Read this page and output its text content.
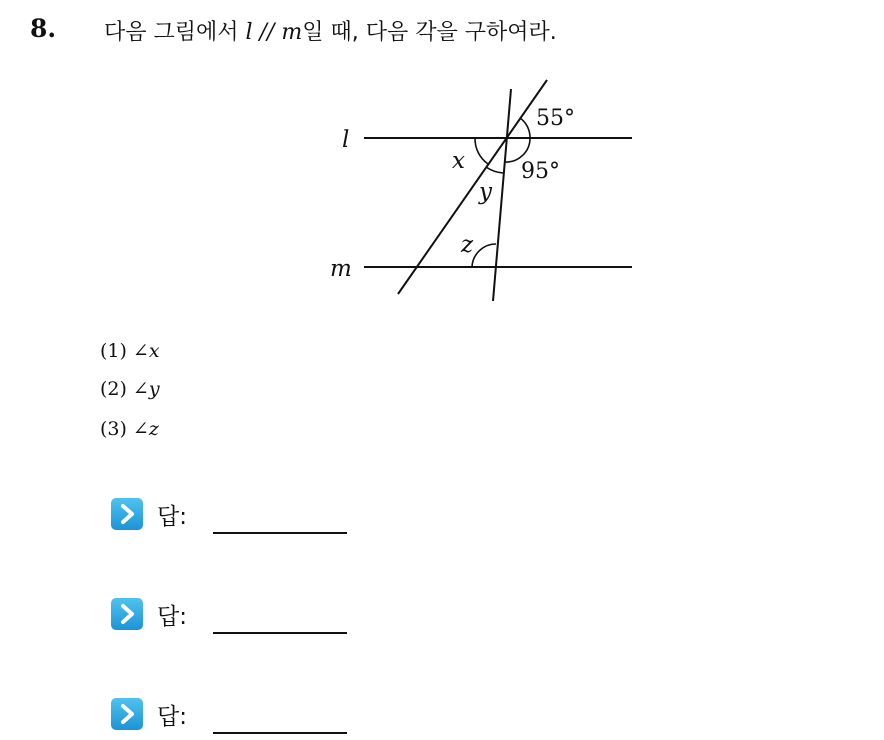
8. 다음 그림에서 l // m일 때, 다음 각을 구하여라.
l
m
55°
95°
x
y
z
(1) ∠x
(2) ∠y
(3) ∠z
답:
답:
답:
